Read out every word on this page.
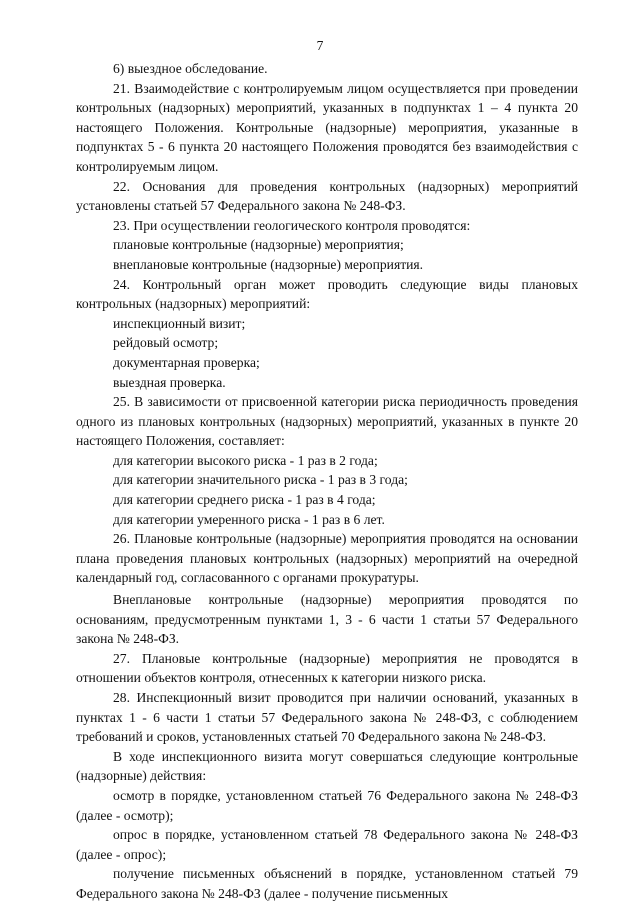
7

6) выездное обследование.

21. Взаимодействие с контролируемым лицом осуществляется при проведении контрольных (надзорных) мероприятий, указанных в подпунктах 1 – 4 пункта 20 настоящего Положения. Контрольные (надзорные) мероприятия, указанные в подпунктах 5 - 6 пункта 20 настоящего Положения проводятся без взаимодействия с контролируемым лицом.

22. Основания для проведения контрольных (надзорных) мероприятий установлены статьей 57 Федерального закона № 248-ФЗ.

23. При осуществлении геологического контроля проводятся:

плановые контрольные (надзорные) мероприятия;

внеплановые контрольные (надзорные) мероприятия.

24. Контрольный орган может проводить следующие виды плановых контрольных (надзорных) мероприятий:

инспекционный визит;

рейдовый осмотр;

документарная проверка;

выездная проверка.

25. В зависимости от присвоенной категории риска периодичность проведения одного из плановых контрольных (надзорных) мероприятий, указанных в пункте 20 настоящего Положения, составляет:

для категории высокого риска - 1 раз в 2 года;

для категории значительного риска - 1 раз в 3 года;

для категории среднего риска - 1 раз в 4 года;

для категории умеренного риска - 1 раз в 6 лет.

26. Плановые контрольные (надзорные) мероприятия проводятся на основании плана проведения плановых контрольных (надзорных) мероприятий на очередной календарный год, согласованного с органами прокуратуры.

Внеплановые контрольные (надзорные) мероприятия проводятся по основаниям, предусмотренным пунктами 1, 3 - 6 части 1 статьи 57 Федерального закона № 248-ФЗ.

27. Плановые контрольные (надзорные) мероприятия не проводятся в отношении объектов контроля, отнесенных к категории низкого риска.

28. Инспекционный визит проводится при наличии оснований, указанных в пунктах 1 - 6 части 1 статьи 57 Федерального закона № 248-ФЗ, с соблюдением требований и сроков, установленных статьей 70 Федерального закона № 248-ФЗ.

В ходе инспекционного визита могут совершаться следующие контрольные (надзорные) действия:

осмотр в порядке, установленном статьей 76 Федерального закона № 248-ФЗ (далее - осмотр);

опрос в порядке, установленном статьей 78 Федерального закона № 248-ФЗ (далее - опрос);

получение письменных объяснений в порядке, установленном статьей 79 Федерального закона № 248-ФЗ (далее - получение письменных
